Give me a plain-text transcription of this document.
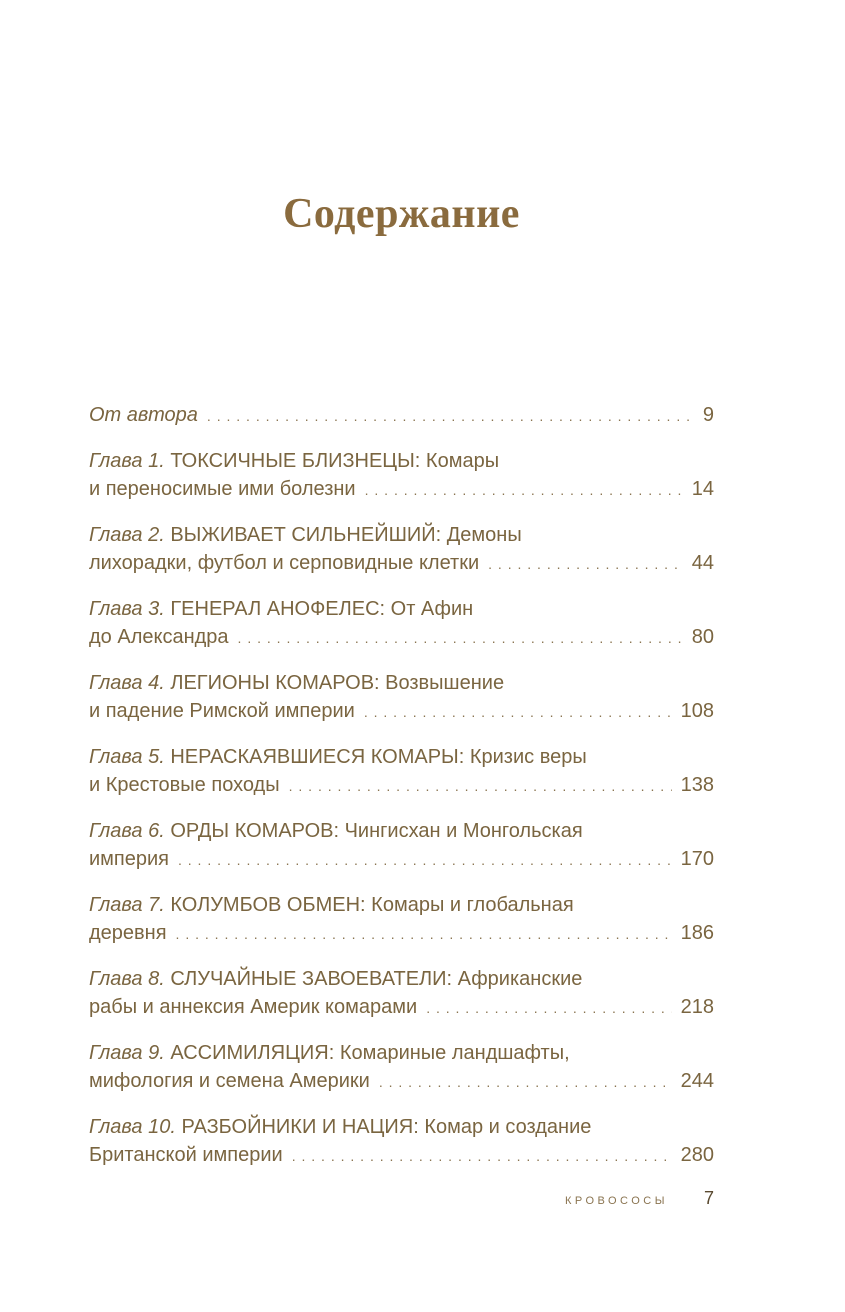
Содержание
От автора . . .	9
Глава 1. ТОКСИЧНЫЕ БЛИЗНЕЦЫ: Комары
и переносимые ими болезни . . .	14
Глава 2. ВЫЖИВАЕТ СИЛЬНЕЙШИЙ: Демоны
лихорадки, футбол и серповидные клетки . . .	44
Глава 3. ГЕНЕРАЛ АНОФЕЛЕС: От Афин
до Александра . . .	80
Глава 4. ЛЕГИОНЫ КОМАРОВ: Возвышение
и падение Римской империи . . .	108
Глава 5. НЕРАСКАЯВШИЕСЯ КОМАРЫ: Кризис веры
и Крестовые походы . . .	138
Глава 6. ОРДЫ КОМАРОВ: Чингисхан и Монгольская
империя . . .	170
Глава 7. КОЛУМБОВ ОБМЕН: Комары и глобальная
деревня . . .	186
Глава 8. СЛУЧАЙНЫЕ ЗАВОЕВАТЕЛИ: Африканские
рабы и аннексия Америк комарами . . .	218
Глава 9. АССИМИЛЯЦИЯ: Комариные ландшафты,
мифология и семена Америки . . .	244
Глава 10. РАЗБОЙНИКИ И НАЦИЯ: Комар и создание
Британской империи . . .	280
КРОВОСОСЫ 7
